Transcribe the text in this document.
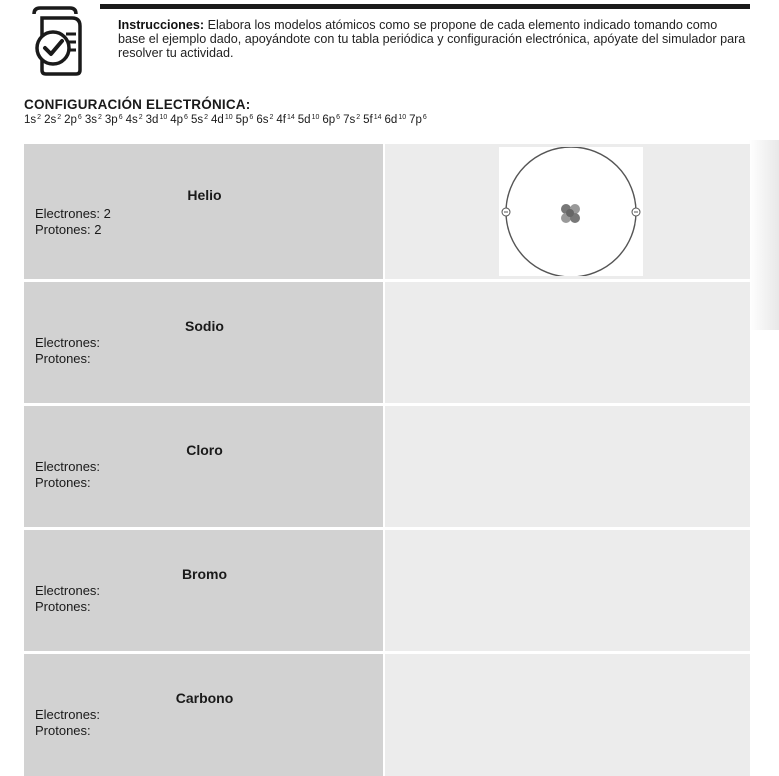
Instrucciones: Elabora los modelos atómicos como se propone de cada elemento indicado tomando como base el ejemplo dado, apoyándote con tu tabla periódica y configuración electrónica, apóyate del simulador para resolver tu actividad.
CONFIGURACIÓN ELECTRÓNICA:
$1s^2$ $2s^2$ $2p^6$ $3s^2$ $3p^6$ $4s^2$ $3d^{10}$ $4p^6$ $5s^2$ $4d^{10}$ $5p^6$ $6s^2$ $4f^{14}$ $5d^{10}$ $6p^6$ $7s^2$ $5f^{14}$ $6d^{10}$ $7p^6$
Helio
Electrones: 2
Protones: 2
Sodio
Electrones:
Protones:
Cloro
Electrones:
Protones:
Bromo
Electrones:
Protones:
Carbono
Electrones:
Protones:
